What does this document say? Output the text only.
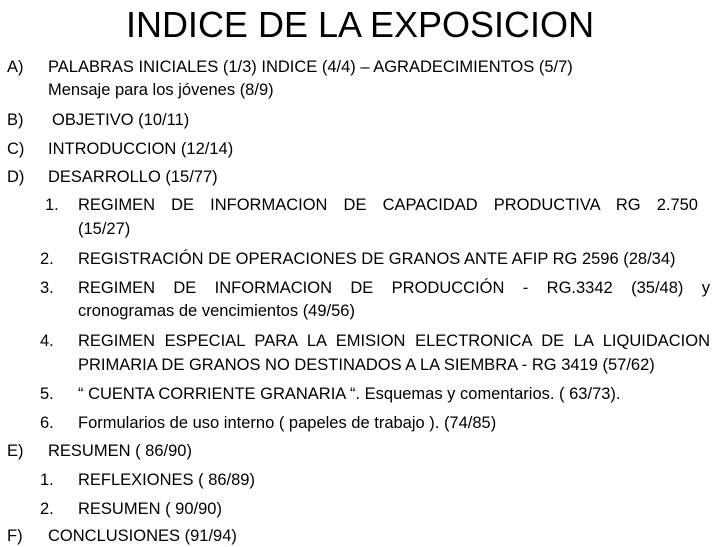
INDICE DE LA EXPOSICION
A) PALABRAS INICIALES (1/3) INDICE (4/4) – AGRADECIMIENTOS (5/7)
Mensaje para los jóvenes (8/9)
B) OBJETIVO (10/11)
C) INTRODUCCION (12/14)
D) DESARROLLO (15/77)
1. REGIMEN DE INFORMACION DE CAPACIDAD PRODUCTIVA RG 2.750
(15/27)
2. REGISTRACIÓN DE OPERACIONES DE GRANOS ANTE AFIP RG 2596 (28/34)
3. REGIMEN DE INFORMACION DE PRODUCCIÓN - RG.3342 (35/48) y
cronogramas de vencimientos (49/56)
4. REGIMEN ESPECIAL PARA LA EMISION ELECTRONICA DE LA LIQUIDACION
PRIMARIA DE GRANOS NO DESTINADOS A LA SIEMBRA - RG 3419 (57/62)
5. “ CUENTA CORRIENTE GRANARIA “. Esquemas y comentarios. ( 63/73).
6. Formularios de uso interno ( papeles de trabajo ). (74/85)
E) RESUMEN ( 86/90)
1. REFLEXIONES ( 86/89)
2. RESUMEN ( 90/90)
F) CONCLUSIONES (91/94)
